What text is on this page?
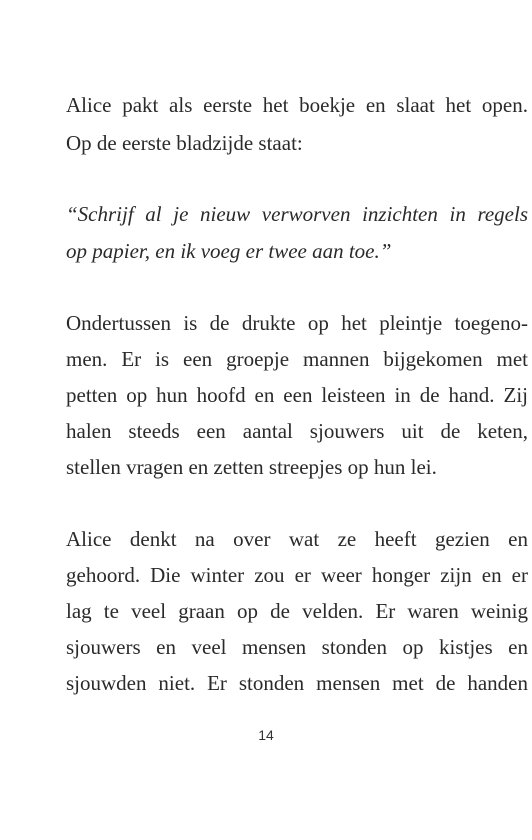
Alice pakt als eerste het boekje en slaat het open.
Op de eerste bladzijde staat:
“Schrijf al je nieuw verworven inzichten in regels
op papier, en ik voeg er twee aan toe.”
Ondertussen is de drukte op het pleintje toegeno-
men. Er is een groepje mannen bijgekomen met
petten op hun hoofd en een leisteen in de hand. Zij
halen steeds een aantal sjouwers uit de keten,
stellen vragen en zetten streepjes op hun lei.
Alice denkt na over wat ze heeft gezien en
gehoord. Die winter zou er weer honger zijn en er
lag te veel graan op de velden. Er waren weinig
sjouwers en veel mensen stonden op kistjes en
sjouwden niet. Er stonden mensen met de handen
14
